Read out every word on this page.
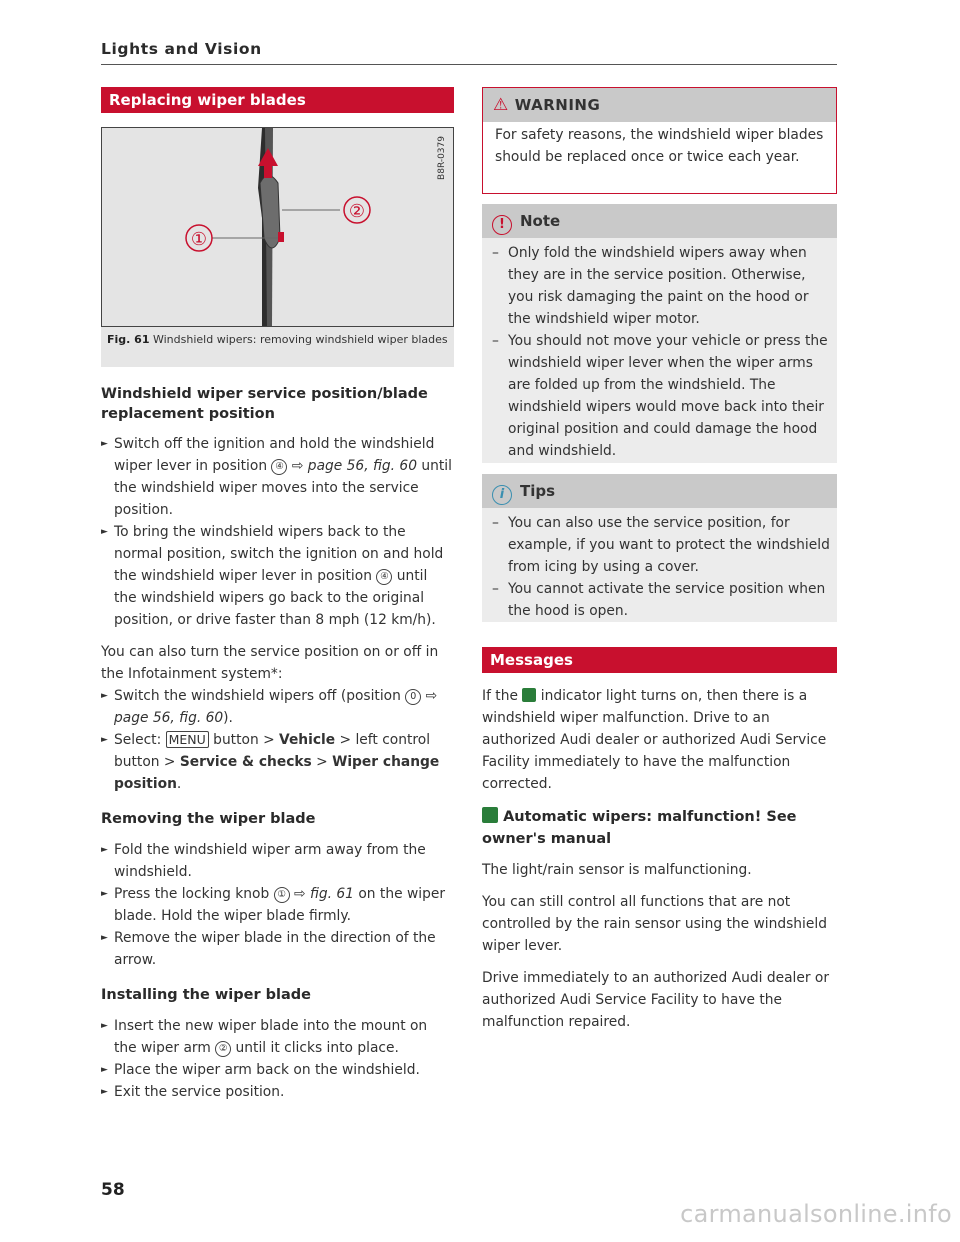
Lights and Vision
Replacing wiper blades
②
①
B8R-0379
Fig. 61 Windshield wipers: removing windshield wiper blades
Windshield wiper service position/blade replacement position
► Switch off the ignition and hold the windshield wiper lever in position ④ ⇨ page 56, fig. 60 until the windshield wiper moves into the service position.
► To bring the windshield wipers back to the normal position, switch the ignition on and hold the windshield wiper lever in position ④ until the windshield wipers go back to the original position, or drive faster than 8 mph (12 km/h).
You can also turn the service position on or off in the Infotainment system*:
► Switch the windshield wipers off (position 0 ⇨ page 56, fig. 60).
► Select: MENU button > Vehicle > left control button > Service & checks > Wiper change position.
Removing the wiper blade
► Fold the windshield wiper arm away from the windshield.
► Press the locking knob ① ⇨ fig. 61 on the wiper blade. Hold the wiper blade firmly.
► Remove the wiper blade in the direction of the arrow.
Installing the wiper blade
► Insert the new wiper blade into the mount on the wiper arm ② until it clicks into place.
► Place the wiper arm back on the windshield.
► Exit the service position.
⚠ WARNING
For safety reasons, the windshield wiper blades should be replaced once or twice each year.
! Note
– Only fold the windshield wipers away when they are in the service position. Otherwise, you risk damaging the paint on the hood or the windshield wiper motor.
– You should not move your vehicle or press the windshield wiper lever when the wiper arms are folded up from the windshield. The windshield wipers would move back into their original position and could damage the hood and windshield.
i Tips
– You can also use the service position, for example, if you want to protect the windshield from icing by using a cover.
– You cannot activate the service position when the hood is open.
Messages
If the indicator light turns on, then there is a windshield wiper malfunction. Drive to an authorized Audi dealer or authorized Audi Service Facility immediately to have the malfunction corrected.
Automatic wipers: malfunction! See owner's manual
The light/rain sensor is malfunctioning.
You can still control all functions that are not controlled by the rain sensor using the windshield wiper lever.
Drive immediately to an authorized Audi dealer or authorized Audi Service Facility to have the malfunction repaired.
58
carmanualsonline.info
